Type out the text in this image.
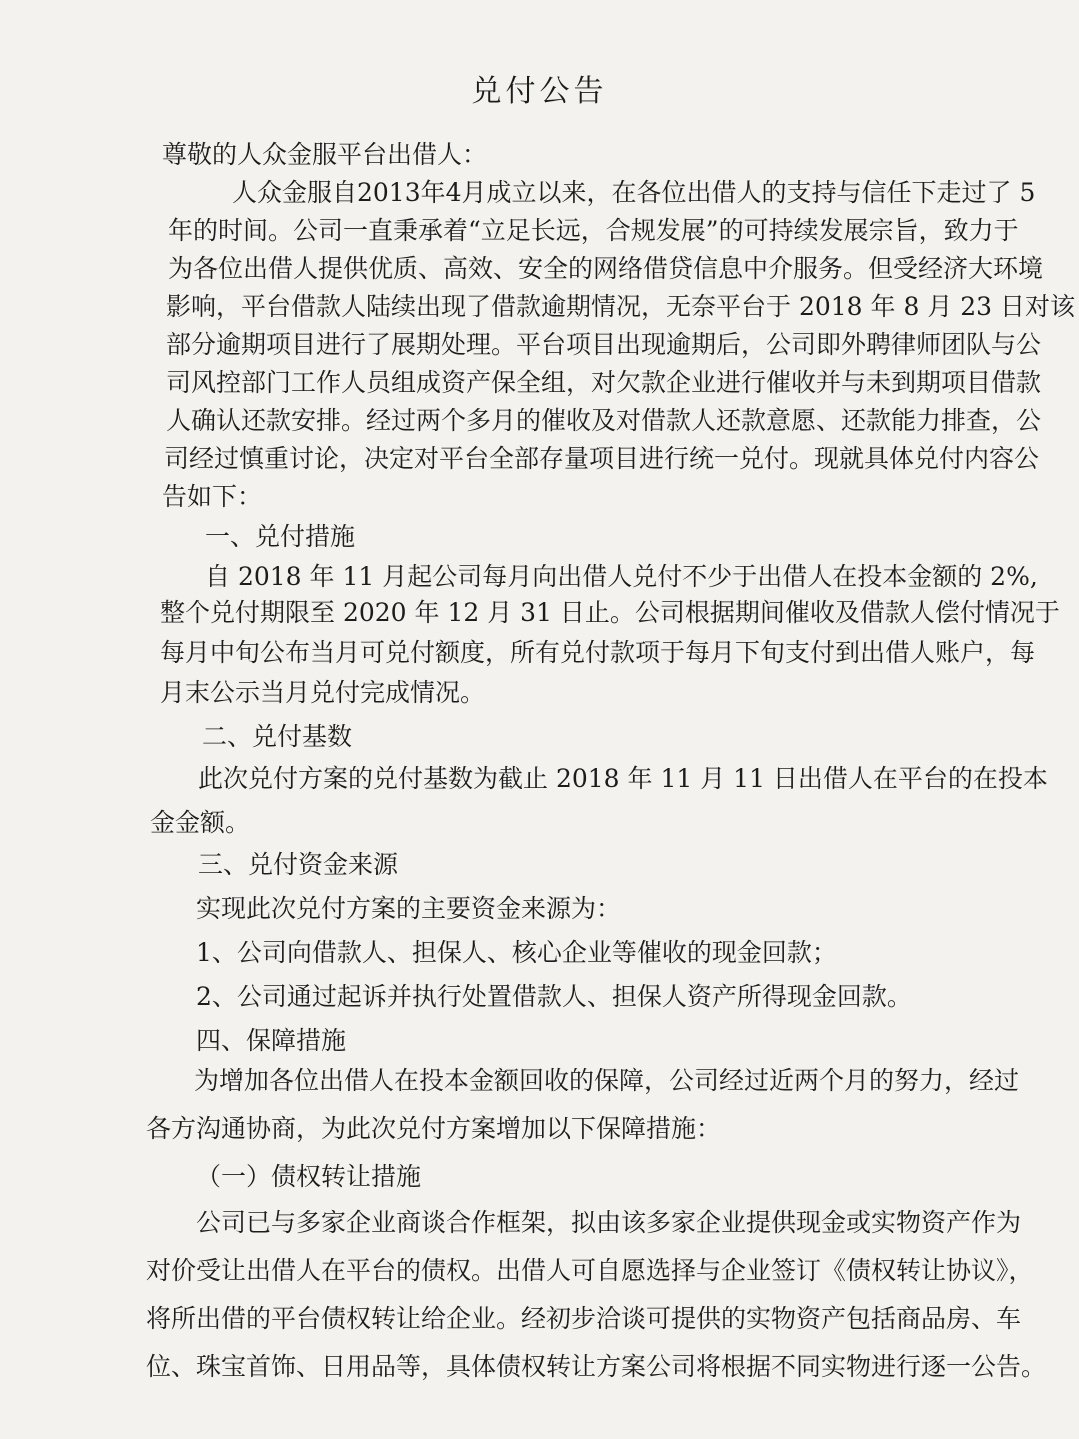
兑付公告
尊敬的人众金服平台出借人：
人众金服自2013年4月成立以来，在各位出借人的支持与信任下走过了 5
年的时间。公司一直秉承着“立足长远，合规发展”的可持续发展宗旨，致力于
为各位出借人提供优质、高效、安全的网络借贷信息中介服务。但受经济大环境
影响，平台借款人陆续出现了借款逾期情况，无奈平台于 2018 年 8 月 23 日对该
部分逾期项目进行了展期处理。平台项目出现逾期后，公司即外聘律师团队与公
司风控部门工作人员组成资产保全组，对欠款企业进行催收并与未到期项目借款
人确认还款安排。经过两个多月的催收及对借款人还款意愿、还款能力排查，公
司经过慎重讨论，决定对平台全部存量项目进行统一兑付。现就具体兑付内容公
告如下：
一、兑付措施
自 2018 年 11 月起公司每月向出借人兑付不少于出借人在投本金额的 2%,
整个兑付期限至 2020 年 12 月 31 日止。公司根据期间催收及借款人偿付情况于
每月中旬公布当月可兑付额度，所有兑付款项于每月下旬支付到出借人账户，每
月末公示当月兑付完成情况。
二、兑付基数
此次兑付方案的兑付基数为截止 2018 年 11 月 11 日出借人在平台的在投本
金金额。
三、兑付资金来源
实现此次兑付方案的主要资金来源为：
1、公司向借款人、担保人、核心企业等催收的现金回款；
2、公司通过起诉并执行处置借款人、担保人资产所得现金回款。
四、保障措施
为增加各位出借人在投本金额回收的保障，公司经过近两个月的努力，经过
各方沟通协商，为此次兑付方案增加以下保障措施：
（一）债权转让措施
公司已与多家企业商谈合作框架，拟由该多家企业提供现金或实物资产作为
对价受让出借人在平台的债权。出借人可自愿选择与企业签订《债权转让协议》，
将所出借的平台债权转让给企业。经初步洽谈可提供的实物资产包括商品房、车
位、珠宝首饰、日用品等，具体债权转让方案公司将根据不同实物进行逐一公告。
